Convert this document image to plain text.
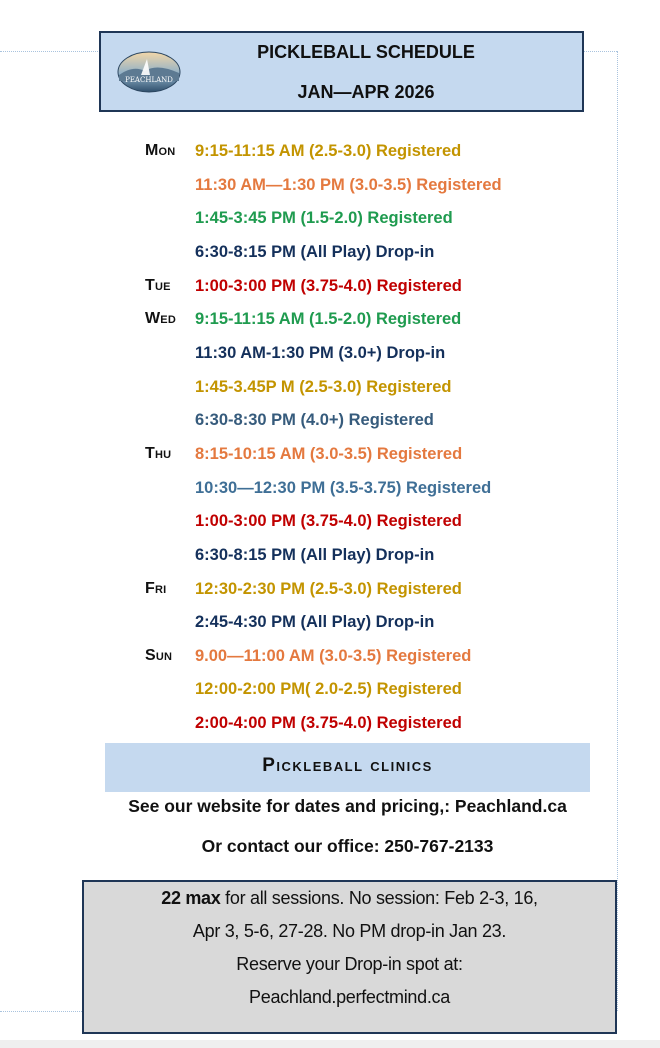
PEACHLAND
PICKLEBALL SCHEDULE
JAN—APR 2026
Mon 9:15-11:15 AM (2.5-3.0) Registered
11:30 AM—1:30 PM (3.0-3.5) Registered
1:45-3:45 PM (1.5-2.0) Registered
6:30-8:15 PM (All Play) Drop-in
Tue 1:00-3:00 PM (3.75-4.0) Registered
Wed 9:15-11:15 AM (1.5-2.0) Registered
11:30 AM-1:30 PM (3.0+) Drop-in
1:45-3.45P M (2.5-3.0) Registered
6:30-8:30 PM (4.0+) Registered
Thu 8:15-10:15 AM (3.0-3.5) Registered
10:30—12:30 PM (3.5-3.75) Registered
1:00-3:00 PM (3.75-4.0) Registered
6:30-8:15 PM (All Play) Drop-in
Fri 12:30-2:30 PM (2.5-3.0) Registered
2:45-4:30 PM (All Play) Drop-in
Sun 9.00—11:00 AM (3.0-3.5) Registered
12:00-2:00 PM( 2.0-2.5) Registered
2:00-4:00 PM (3.75-4.0) Registered
Pickleball clinics
See our website for dates and pricing,: Peachland.ca
Or contact our office: 250-767-2133
22 max for all sessions. No session: Feb 2-3, 16,
Apr 3, 5-6, 27-28. No PM drop-in Jan 23.
Reserve your Drop-in spot at:
Peachland.perfectmind.ca
